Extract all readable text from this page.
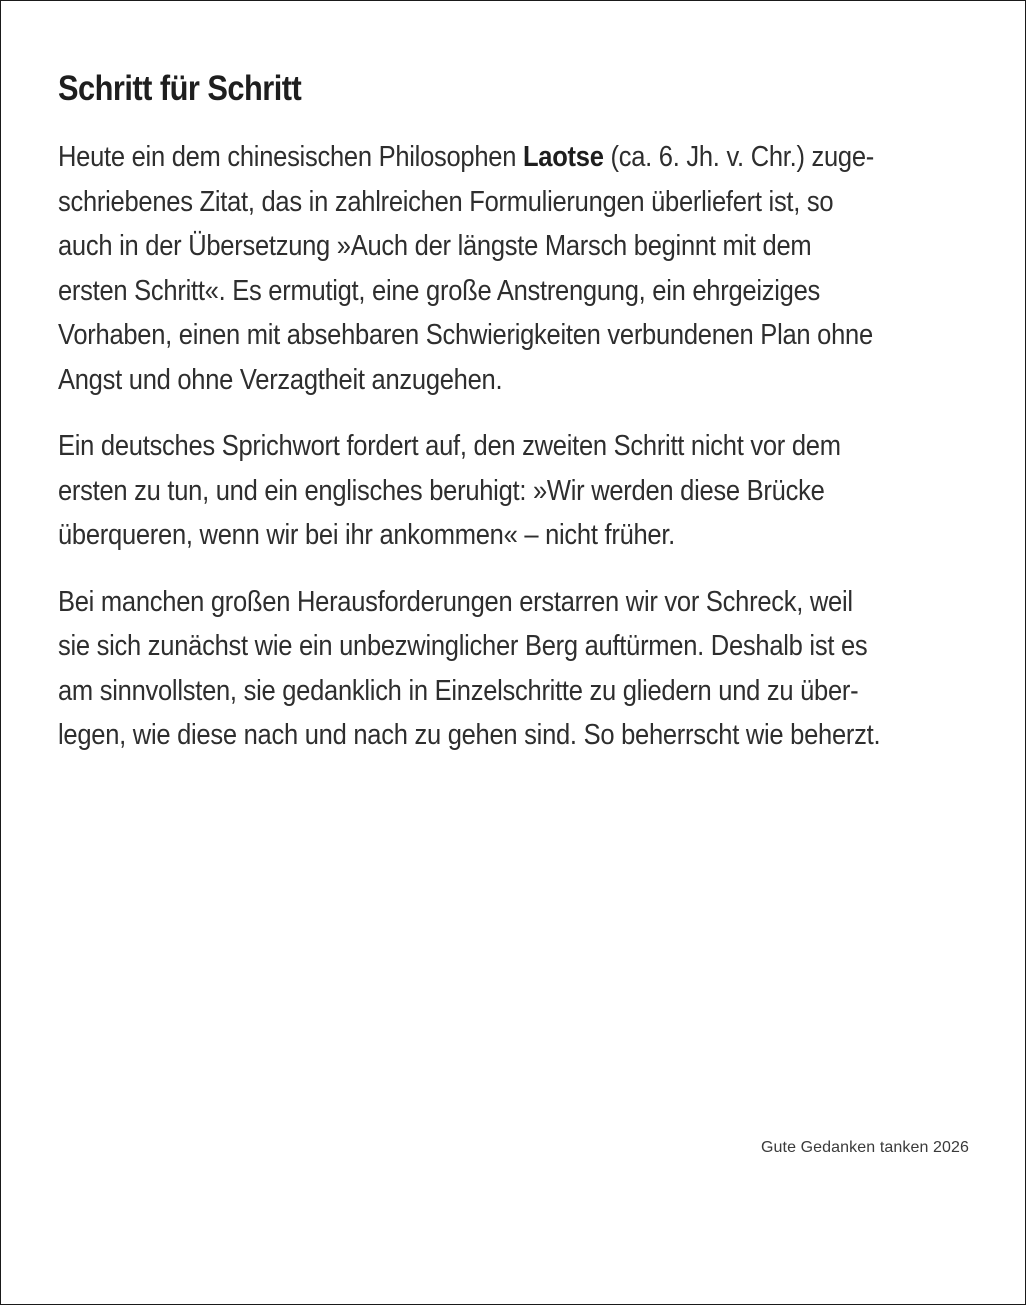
Schritt für Schritt

Heute ein dem chinesischen Philosophen Laotse (ca. 6. Jh. v. Chr.) zuge-
schriebenes Zitat, das in zahlreichen Formulierungen überliefert ist, so
auch in der Übersetzung »Auch der längste Marsch beginnt mit dem
ersten Schritt«. Es ermutigt, eine große Anstrengung, ein ehrgeiziges
Vorhaben, einen mit absehbaren Schwierigkeiten verbundenen Plan ohne
Angst und ohne Verzagtheit anzugehen.

Ein deutsches Sprichwort fordert auf, den zweiten Schritt nicht vor dem
ersten zu tun, und ein englisches beruhigt: »Wir werden diese Brücke
überqueren, wenn wir bei ihr ankommen« – nicht früher.

Bei manchen großen Herausforderungen erstarren wir vor Schreck, weil
sie sich zunächst wie ein unbezwinglicher Berg auftürmen. Deshalb ist es
am sinnvollsten, sie gedanklich in Einzelschritte zu gliedern und zu über-
legen, wie diese nach und nach zu gehen sind. So beherrscht wie beherzt.

Gute Gedanken tanken 2026
